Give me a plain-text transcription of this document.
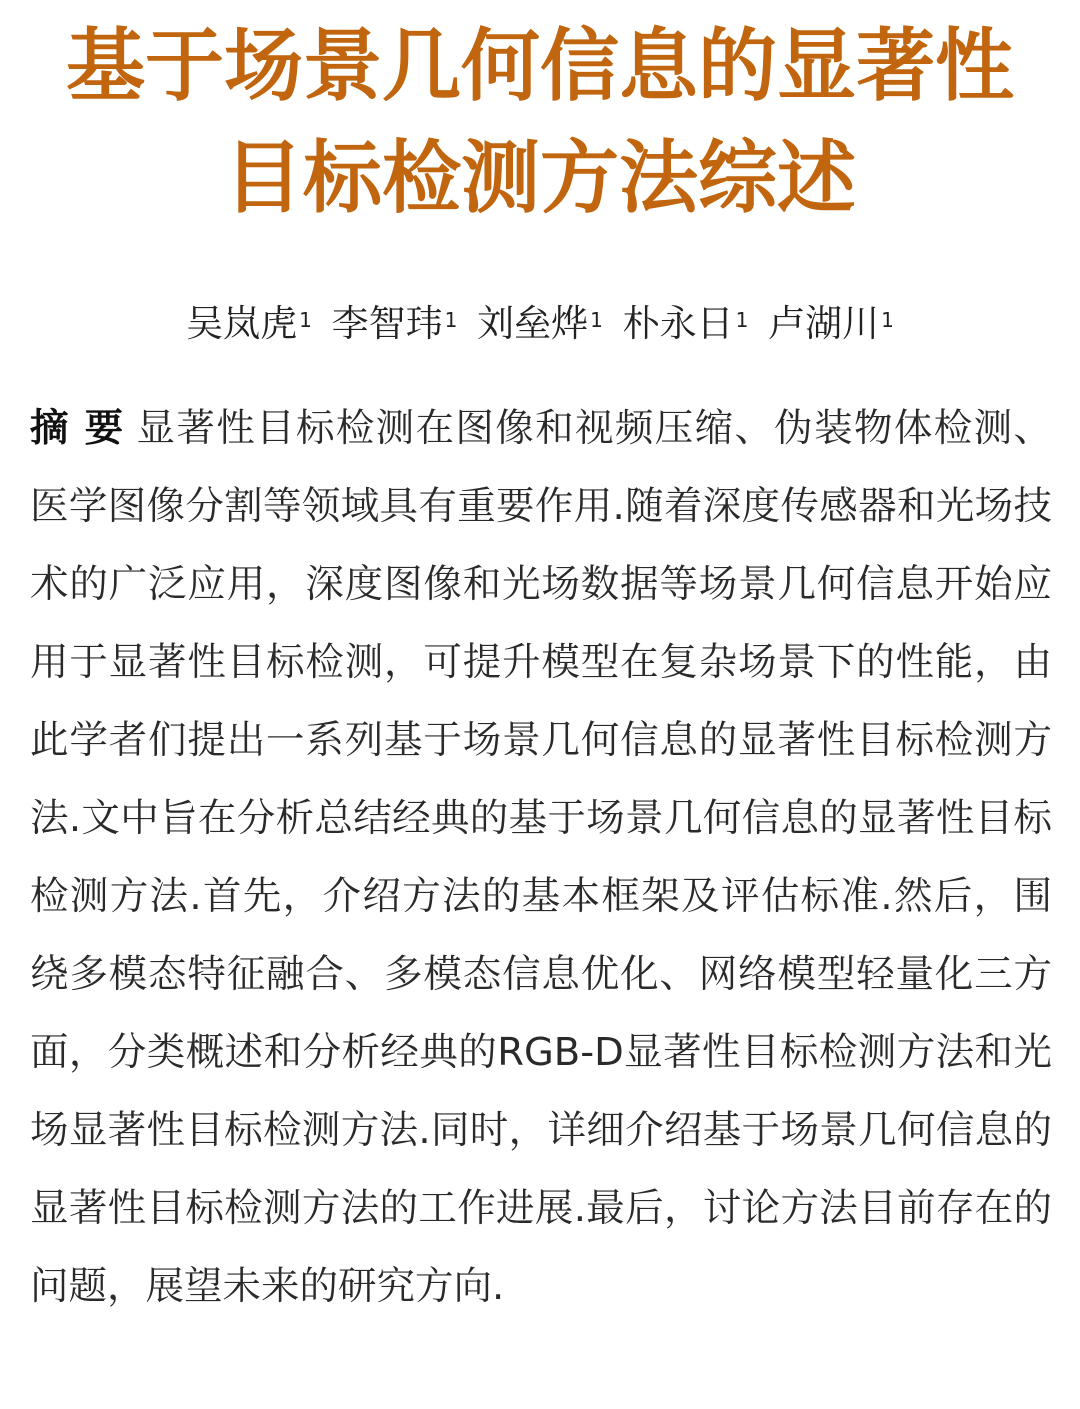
基于场景几何信息的显著性目标检测方法综述

吴岚虎 $^1$ 李智玮 $^1$ 刘垒烨 $^1$ 朴永日 $^1$ 卢湖川 $^1$

摘 要 显著性目标检测在图像和视频压缩、伪装物体检测、医学图像分割等领域具有重要作用.随着深度传感器和光场技术的广泛应用，深度图像和光场数据等场景几何信息开始应用于显著性目标检测，可提升模型在复杂场景下的性能，由此学者们提出一系列基于场景几何信息的显著性目标检测方法.文中旨在分析总结经典的基于场景几何信息的显著性目标检测方法.首先，介绍方法的基本框架及评估标准.然后，围绕多模态特征融合、多模态信息优化、网络模型轻量化三方面，分类概述和分析经典的RGB-D显著性目标检测方法和光场显著性目标检测方法.同时，详细介绍基于场景几何信息的显著性目标检测方法的工作进展.最后，讨论方法目前存在的问题，展望未来的研究方向.
